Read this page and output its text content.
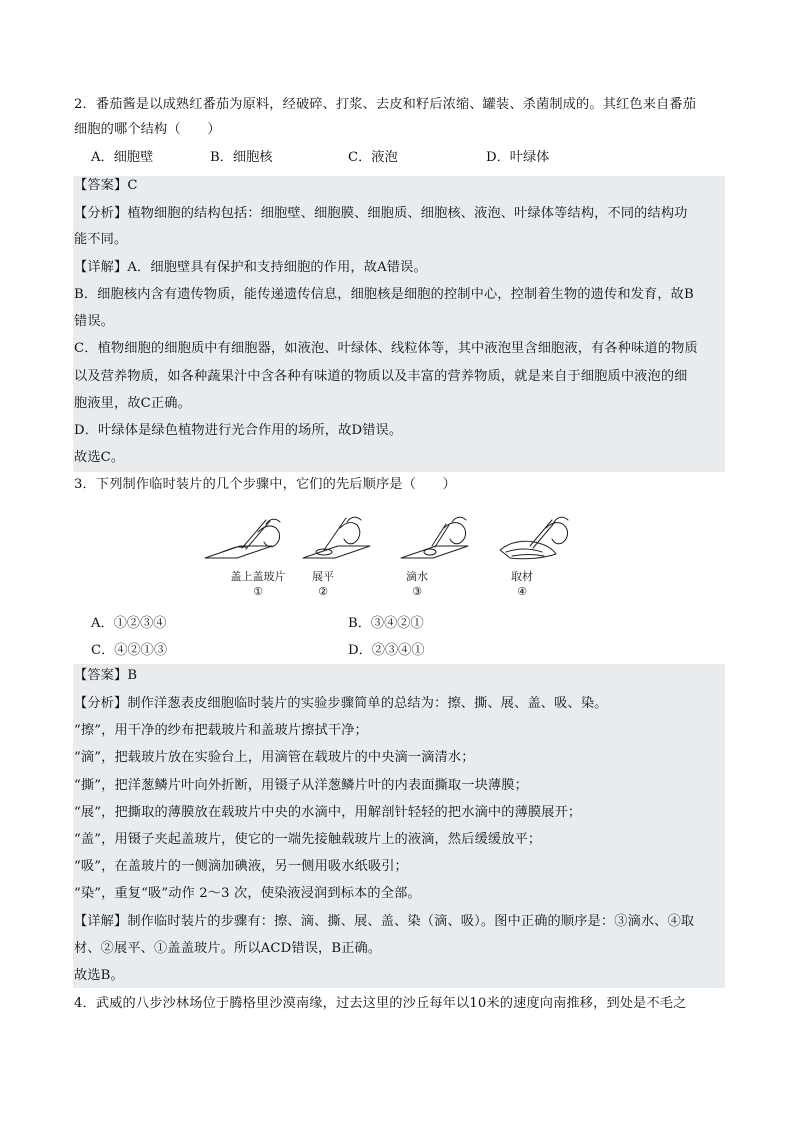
2．番茄酱是以成熟红番茄为原料，经破碎、打浆、去皮和籽后浓缩、罐装、杀菌制成的。其红色来自番茄
细胞的哪个结构（　　）
A．细胞壁	B．细胞核	C．液泡	D．叶绿体
【答案】C
【分析】植物细胞的结构包括：细胞壁、细胞膜、细胞质、细胞核、液泡、叶绿体等结构，不同的结构功
能不同。
【详解】A．细胞壁具有保护和支持细胞的作用，故A错误。
B．细胞核内含有遗传物质，能传递遗传信息，细胞核是细胞的控制中心，控制着生物的遗传和发育，故B
错误。
C．植物细胞的细胞质中有细胞器，如液泡、叶绿体、线粒体等，其中液泡里含细胞液，有各种味道的物质
以及营养物质，如各种蔬果汁中含各种有味道的物质以及丰富的营养物质，就是来自于细胞质中液泡的细
胞液里，故C正确。
D．叶绿体是绿色植物进行光合作用的场所，故D错误。
故选C。
3．下列制作临时装片的几个步骤中，它们的先后顺序是（　　）
盖上盖玻片
①
展平
②
滴水
③
取材
④
A．①②③④	B．③④②①
C．④②①③	D．②③④①
【答案】B
【分析】制作洋葱表皮细胞临时装片的实验步骤简单的总结为：擦、撕、展、盖、吸、染。
“擦”，用干净的纱布把载玻片和盖玻片擦拭干净；
“滴”，把载玻片放在实验台上，用滴管在载玻片的中央滴一滴清水；
“撕”，把洋葱鳞片叶向外折断，用镊子从洋葱鳞片叶的内表面撕取一块薄膜；
“展”，把撕取的薄膜放在载玻片中央的水滴中，用解剖针轻轻的把水滴中的薄膜展开；
“盖”，用镊子夹起盖玻片，使它的一端先接触载玻片上的液滴，然后缓缓放平；
“吸”，在盖玻片的一侧滴加碘液，另一侧用吸水纸吸引；
“染”，重复“吸”动作 2～3 次，使染液浸润到标本的全部。
【详解】制作临时装片的步骤有：擦、滴、撕、展、盖、染（滴、吸）。图中正确的顺序是：③滴水、④取
材、②展平、①盖盖玻片。所以ACD错误，B正确。
故选B。
4．武威的八步沙林场位于腾格里沙漠南缘，过去这里的沙丘每年以10米的速度向南推移，到处是不毛之
